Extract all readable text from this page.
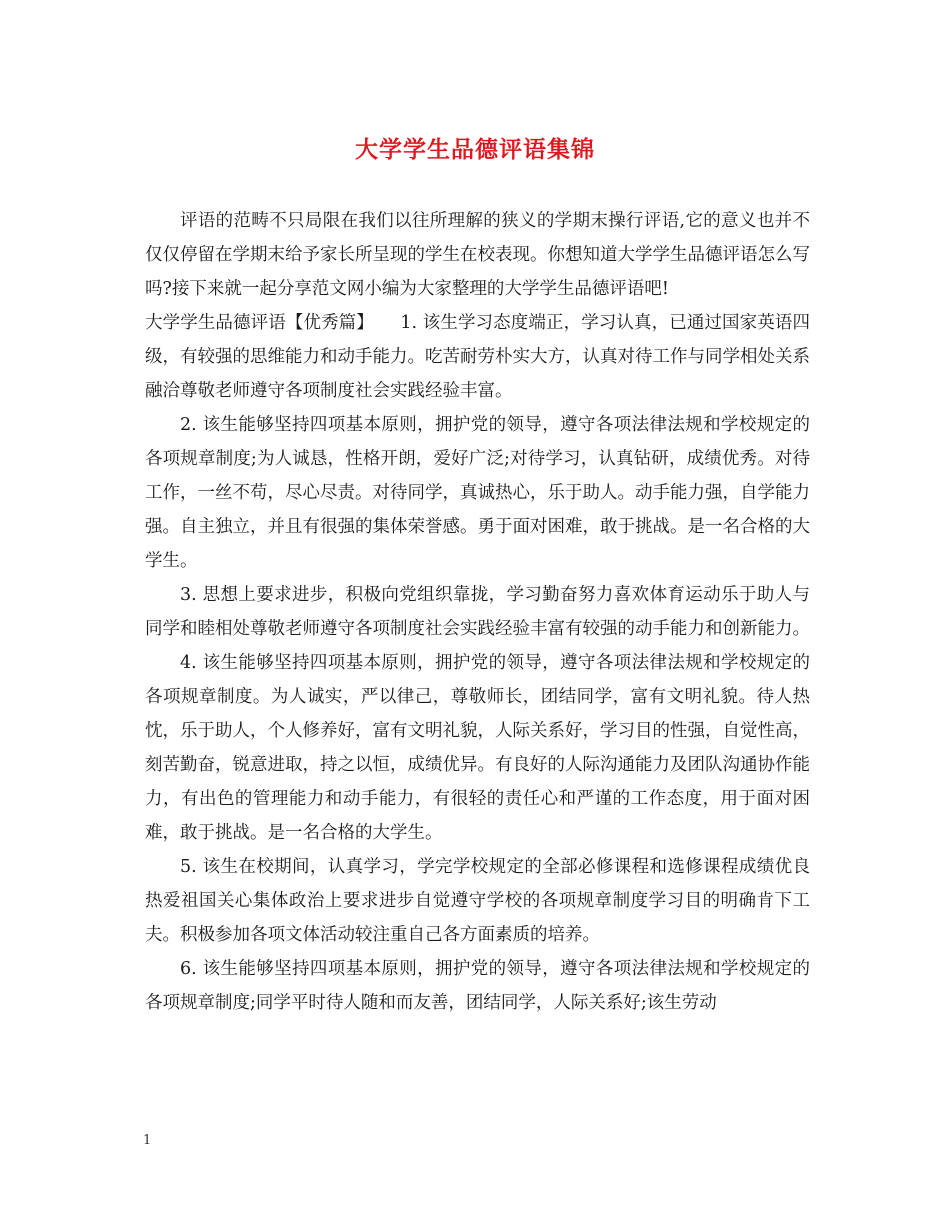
大学学生品德评语集锦

评语的范畴不只局限在我们以往所理解的狭义的学期末操行评语,它的意义也并不仅仅停留在学期末给予家长所呈现的学生在校表现。你想知道大学学生品德评语怎么写吗?接下来就一起分享范文网小编为大家整理的大学学生品德评语吧!

大学学生品德评语【优秀篇】　　1. 该生学习态度端正，学习认真，已通过国家英语四级，有较强的思维能力和动手能力。吃苦耐劳朴实大方，认真对待工作与同学相处关系融洽尊敬老师遵守各项制度社会实践经验丰富。

2. 该生能够坚持四项基本原则，拥护党的领导，遵守各项法律法规和学校规定的各项规章制度;为人诚恳，性格开朗，爱好广泛;对待学习，认真钻研，成绩优秀。对待工作，一丝不苟，尽心尽责。对待同学，真诚热心，乐于助人。动手能力强，自学能力强。自主独立，并且有很强的集体荣誉感。勇于面对困难，敢于挑战。是一名合格的大学生。

3. 思想上要求进步，积极向党组织靠拢，学习勤奋努力喜欢体育运动乐于助人与同学和睦相处尊敬老师遵守各项制度社会实践经验丰富有较强的动手能力和创新能力。

4. 该生能够坚持四项基本原则，拥护党的领导，遵守各项法律法规和学校规定的各项规章制度。为人诚实，严以律己，尊敬师长，团结同学，富有文明礼貌。待人热忱，乐于助人，个人修养好，富有文明礼貌，人际关系好，学习目的性强，自觉性高，刻苦勤奋，锐意进取，持之以恒，成绩优异。有良好的人际沟通能力及团队沟通协作能力，有出色的管理能力和动手能力，有很轻的责任心和严谨的工作态度，用于面对困难，敢于挑战。是一名合格的大学生。

5. 该生在校期间，认真学习，学完学校规定的全部必修课程和选修课程成绩优良热爱祖国关心集体政治上要求进步自觉遵守学校的各项规章制度学习目的明确肯下工夫。积极参加各项文体活动较注重自己各方面素质的培养。

6. 该生能够坚持四项基本原则，拥护党的领导，遵守各项法律法规和学校规定的各项规章制度;同学平时待人随和而友善，团结同学，人际关系好;该生劳动

1
